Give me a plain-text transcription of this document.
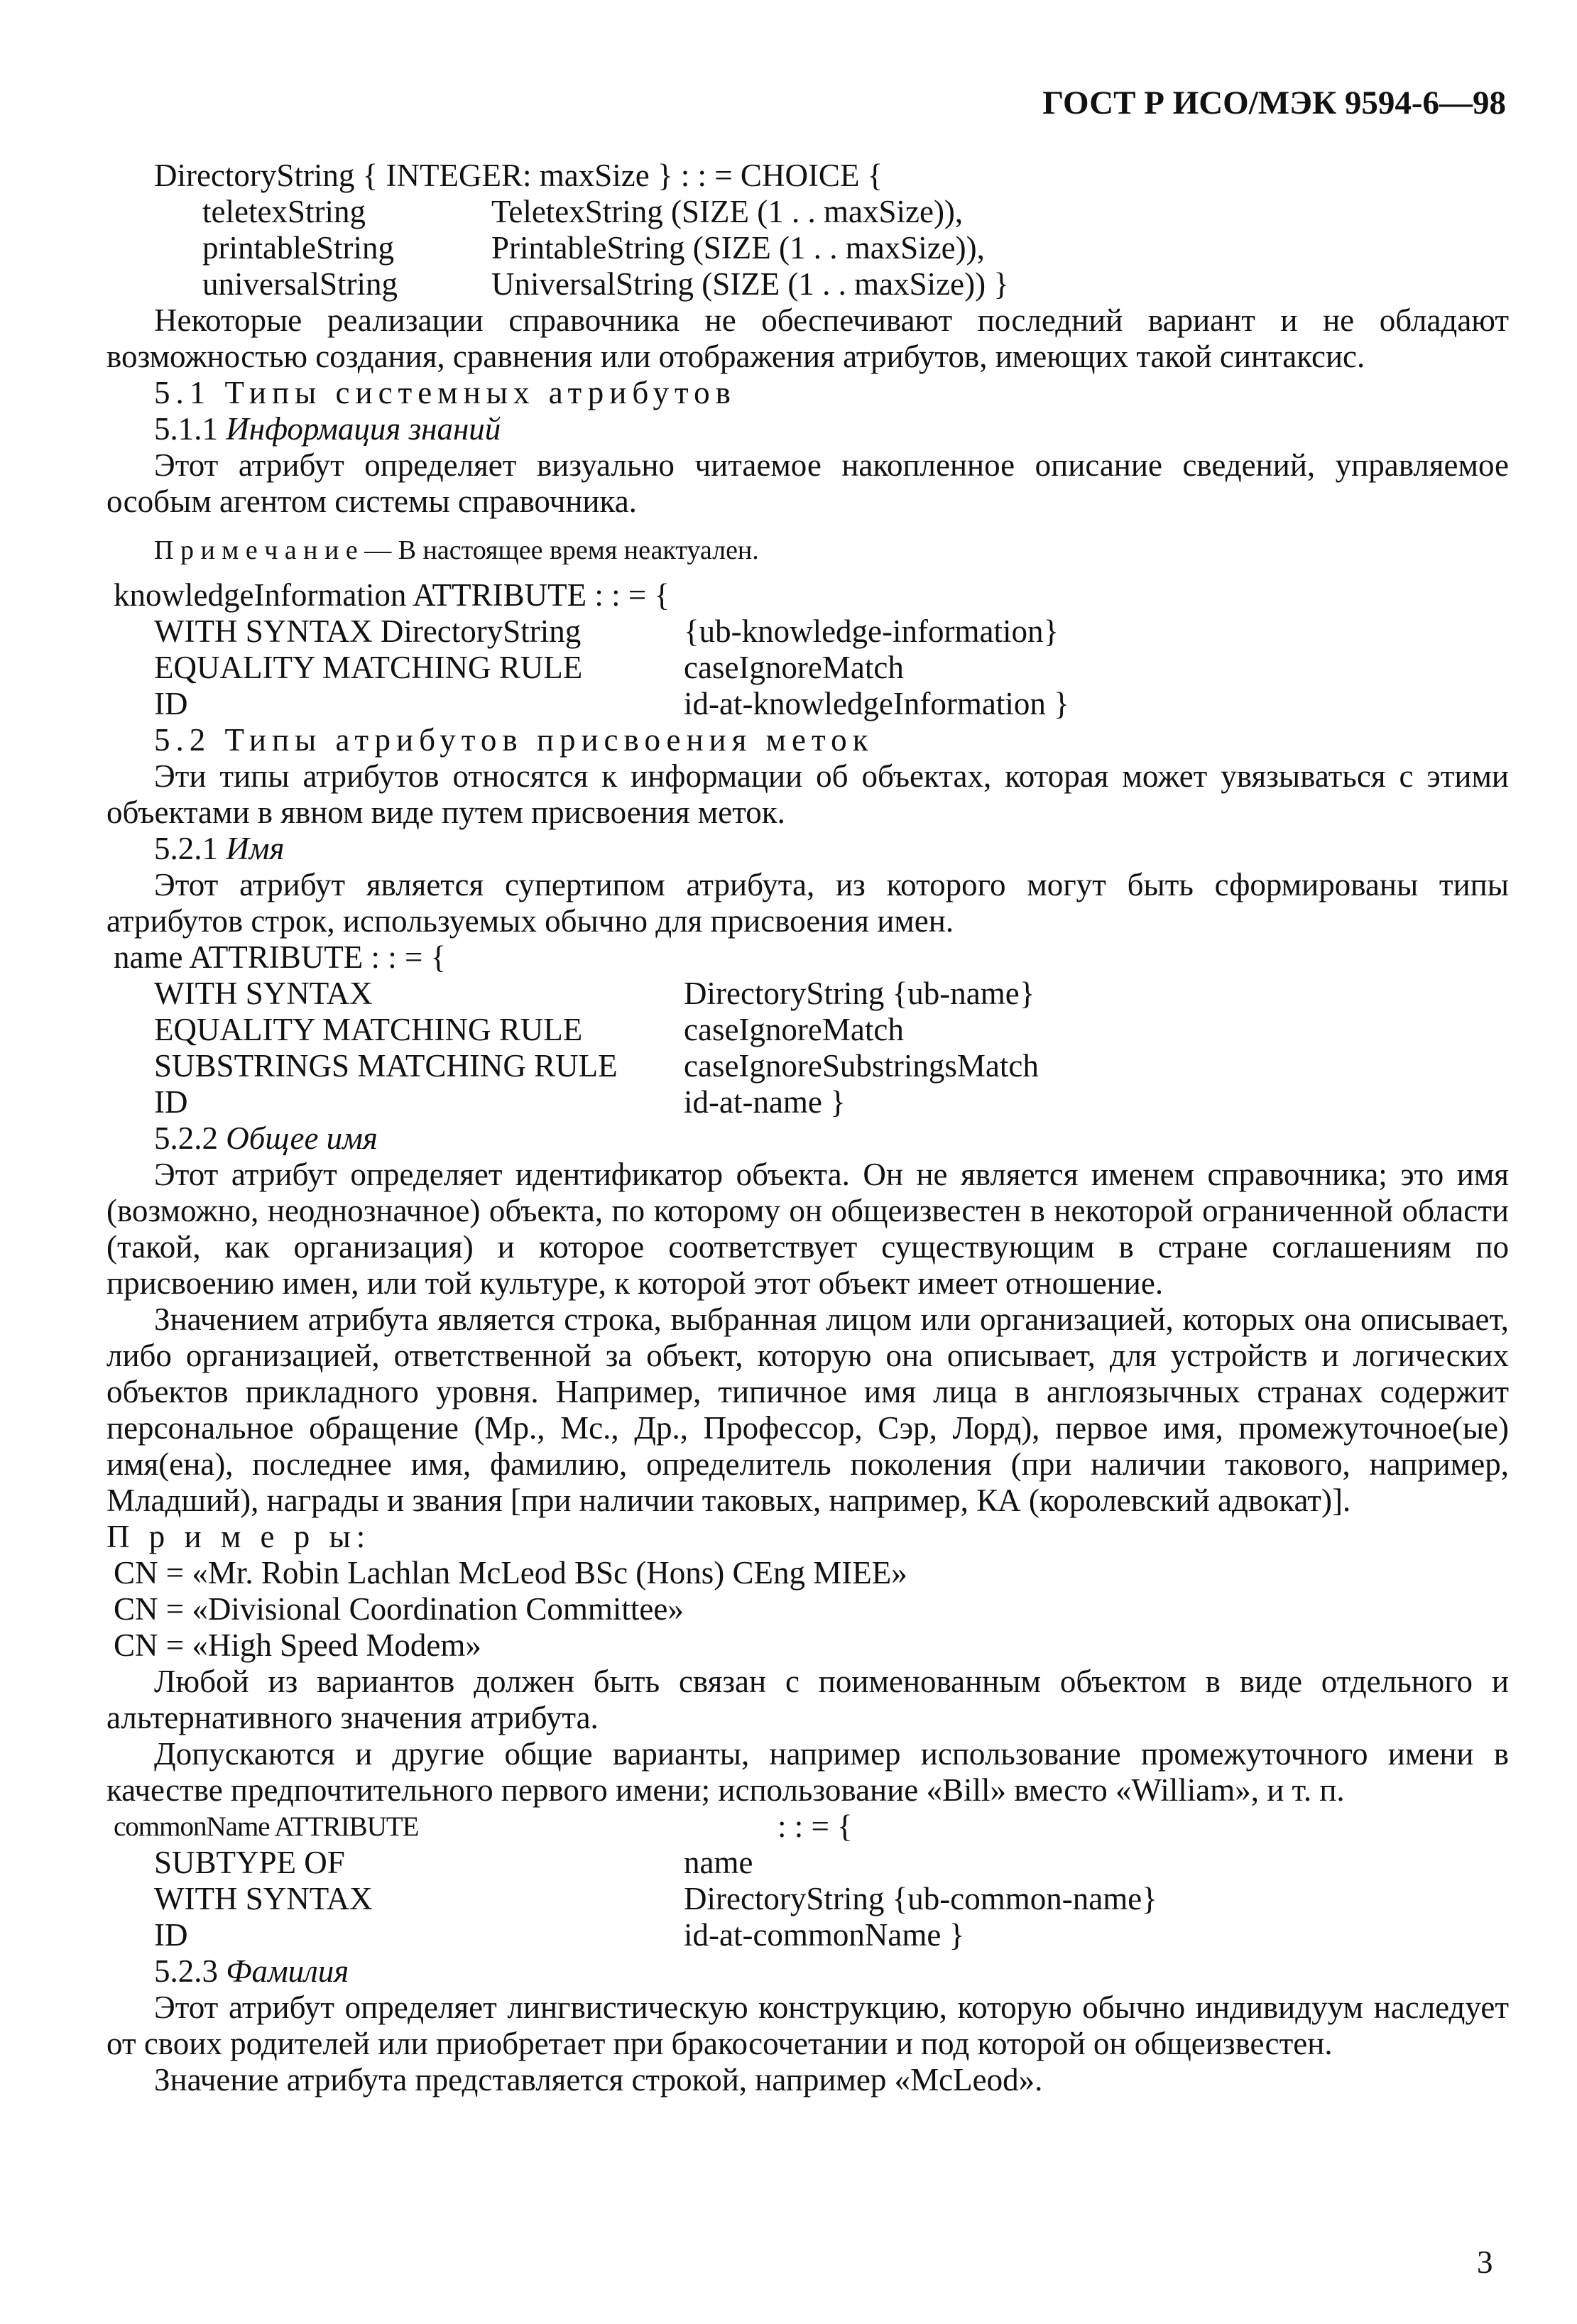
ГОСТ Р ИСО/МЭК 9594-6—98
DirectoryString { INTEGER: maxSize } : : = CHOICE {
teletexString	TeletexString (SIZE (1 . . maxSize)),
printableString	PrintableString (SIZE (1 . . maxSize)),
universalString	UniversalString (SIZE (1 . . maxSize)) }
Некоторые реализации справочника не обеспечивают последний вариант и не обладают возможностью создания, сравнения или отображения атрибутов, имеющих такой синтаксис.
5.1 Типы системных атрибутов
5.1.1 Информация знаний
Этот атрибут определяет визуально читаемое накопленное описание сведений, управляемое особым агентом системы справочника.
П р и м е ч а н и е — В настоящее время неактуален.
knowledgeInformation ATTRIBUTE : : = {
WITH SYNTAX DirectoryString	{ub-knowledge-information}
EQUALITY MATCHING RULE	caseIgnoreMatch
ID	id-at-knowledgeInformation }
5.2 Типы атрибутов присвоения меток
Эти типы атрибутов относятся к информации об объектах, которая может увязываться с этими объектами в явном виде путем присвоения меток.
5.2.1 Имя
Этот атрибут является супертипом атрибута, из которого могут быть сформированы типы атрибутов строк, используемых обычно для присвоения имен.
name ATTRIBUTE : : = {
WITH SYNTAX	DirectoryString {ub-name}
EQUALITY MATCHING RULE	caseIgnoreMatch
SUBSTRINGS MATCHING RULE caseIgnoreSubstringsMatch
ID	id-at-name }
5.2.2 Общее имя
Этот атрибут определяет идентификатор объекта. Он не является именем справочника; это имя (возможно, неоднозначное) объекта, по которому он общеизвестен в некоторой ограниченной области (такой, как организация) и которое соответствует существующим в стране соглашениям по присвоению имен, или той культуре, к которой этот объект имеет отношение.
Значением атрибута является строка, выбранная лицом или организацией, которых она описывает, либо организацией, ответственной за объект, которую она описывает, для устройств и логических объектов прикладного уровня. Например, типичное имя лица в англоязычных странах содержит персональное обращение (Мр., Мс., Др., Профессор, Сэр, Лорд), первое имя, промежуточное(ые) имя(ена), последнее имя, фамилию, определитель поколения (при наличии такового, например, Младший), награды и звания [при наличии таковых, например, КА (королевский адвокат)].
П р и м е р ы:
CN = «Mr. Robin Lachlan McLeod BSc (Hons) CEng MIEE»
CN = «Divisional Coordination Committee»
CN = «High Speed Modem»
Любой из вариантов должен быть связан с поименованным объектом в виде отдельного и альтернативного значения атрибута.
Допускаются и другие общие варианты, например использование промежуточного имени в качестве предпочтительного первого имени; использование «Bill» вместо «William», и т. п.
commonName ATTRIBUTE	: : = {
SUBTYPE OF	name
WITH SYNTAX	DirectoryString {ub-common-name}
ID	id-at-commonName }
5.2.3 Фамилия
Этот атрибут определяет лингвистическую конструкцию, которую обычно индивидуум наследует от своих родителей или приобретает при бракосочетании и под которой он общеизвестен.
Значение атрибута представляется строкой, например «McLeod».
3
